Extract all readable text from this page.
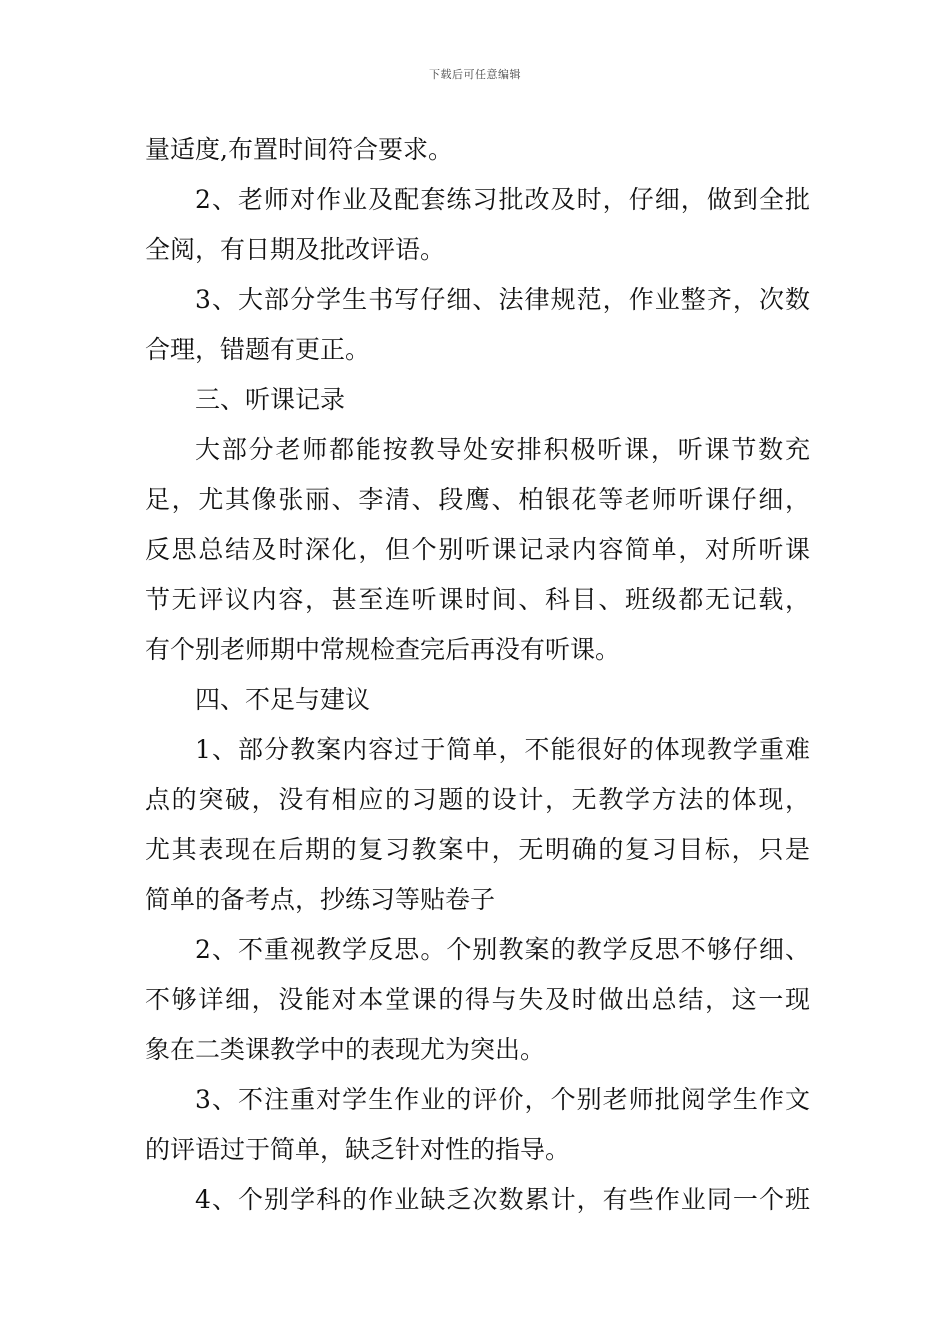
下载后可任意编辑
量适度,布置时间符合要求。
2、老师对作业及配套练习批改及时，仔细，做到全批
全阅，有日期及批改评语。
3、大部分学生书写仔细、法律规范，作业整齐，次数
合理，错题有更正。
三、听课记录
大部分老师都能按教导处安排积极听课，听课节数充
足，尤其像张丽、李清、段鹰、柏银花等老师听课仔细，
反思总结及时深化，但个别听课记录内容简单，对所听课
节无评议内容，甚至连听课时间、科目、班级都无记载，
有个别老师期中常规检查完后再没有听课。
四、不足与建议
1、部分教案内容过于简单，不能很好的体现教学重难
点的突破，没有相应的习题的设计，无教学方法的体现，
尤其表现在后期的复习教案中，无明确的复习目标，只是
简单的备考点，抄练习等贴卷子
2、不重视教学反思。个别教案的教学反思不够仔细、
不够详细，没能对本堂课的得与失及时做出总结，这一现
象在二类课教学中的表现尤为突出。
3、不注重对学生作业的评价，个别老师批阅学生作文
的评语过于简单，缺乏针对性的指导。
4、个别学科的作业缺乏次数累计，有些作业同一个班
